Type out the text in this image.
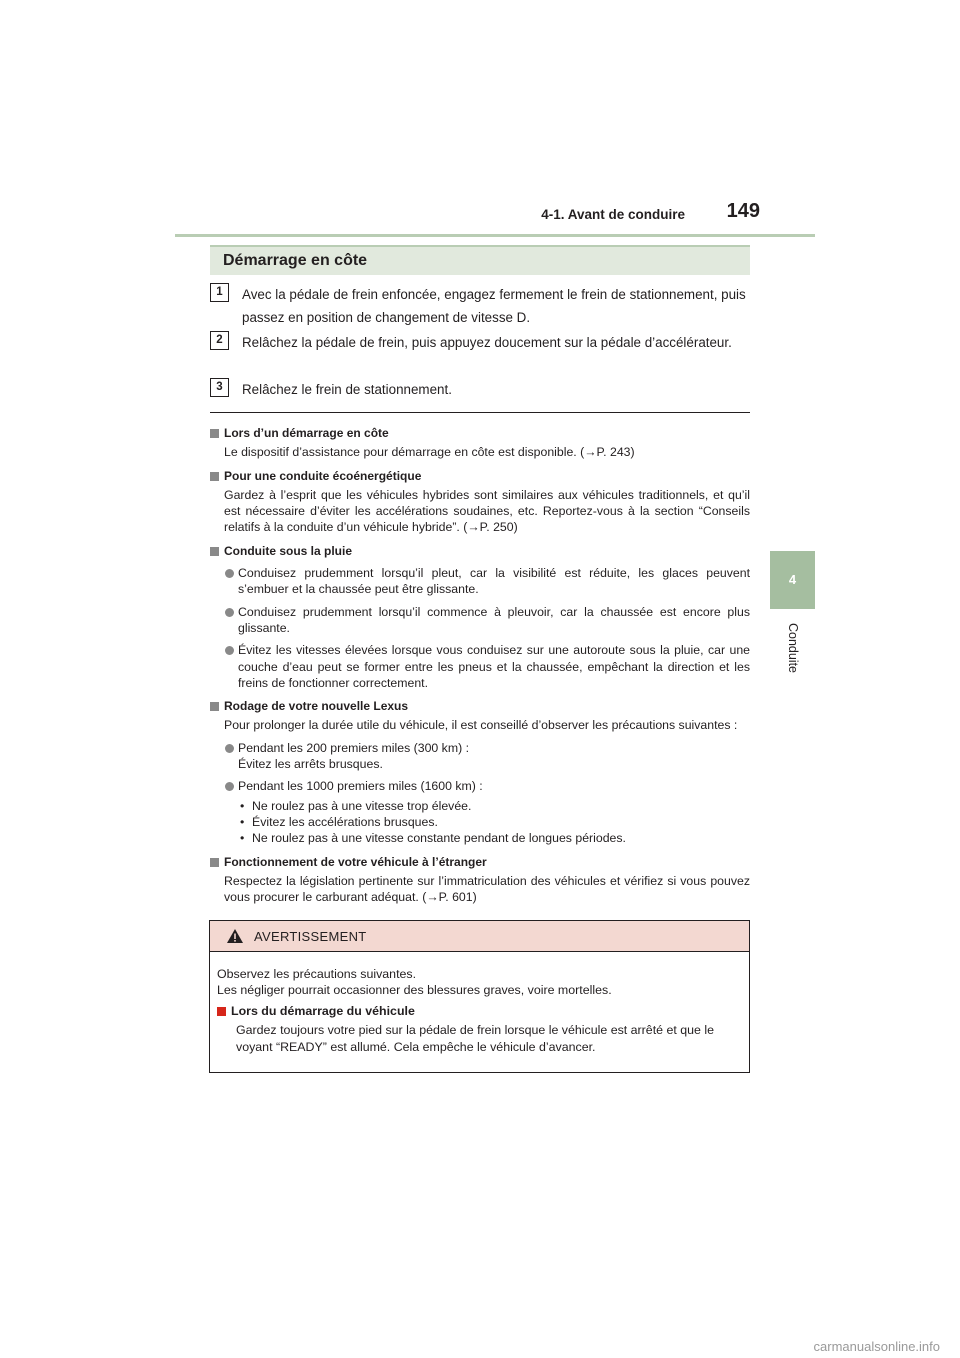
4-1. Avant de conduire	149
4
Conduite
Démarrage en côte
1	Avec la pédale de frein enfoncée, engagez fermement le frein de stationnement, puis passez en position de changement de vitesse D.
2	Relâchez la pédale de frein, puis appuyez doucement sur la pédale d’accélérateur.
3	Relâchez le frein de stationnement.

Lors d’un démarrage en côte

Le dispositif d’assistance pour démarrage en côte est disponible. (→P. 243)

Pour une conduite écoénergétique

Gardez à l’esprit que les véhicules hybrides sont similaires aux véhicules traditionnels, et qu’il est nécessaire d’éviter les accélérations soudaines, etc. Reportez-vous à la section “Conseils relatifs à la conduite d’un véhicule hybride”. (→P. 250)

Conduite sous la pluie

Conduisez prudemment lorsqu’il pleut, car la visibilité est réduite, les glaces peuvent s’embuer et la chaussée peut être glissante.

Conduisez prudemment lorsqu’il commence à pleuvoir, car la chaussée est encore plus glissante.

Évitez les vitesses élevées lorsque vous conduisez sur une autoroute sous la pluie, car une couche d’eau peut se former entre les pneus et la chaussée, empêchant la direction et les freins de fonctionner correctement.

Rodage de votre nouvelle Lexus

Pour prolonger la durée utile du véhicule, il est conseillé d’observer les précautions suivantes :

Pendant les 200 premiers miles (300 km) :

Évitez les arrêts brusques.

Pendant les 1000 premiers miles (1600 km) :

• Ne roulez pas à une vitesse trop élevée.

• Évitez les accélérations brusques.

• Ne roulez pas à une vitesse constante pendant de longues périodes.

Fonctionnement de votre véhicule à l’étranger

Respectez la législation pertinente sur l’immatriculation des véhicules et vérifiez si vous pouvez vous procurer le carburant adéquat. (→P. 601)

AVERTISSEMENT

Observez les précautions suivantes.

Les négliger pourrait occasionner des blessures graves, voire mortelles.

Lors du démarrage du véhicule

Gardez toujours votre pied sur la pédale de frein lorsque le véhicule est arrêté et que le voyant “READY” est allumé. Cela empêche le véhicule d’avancer.

carmanualsonline.info
